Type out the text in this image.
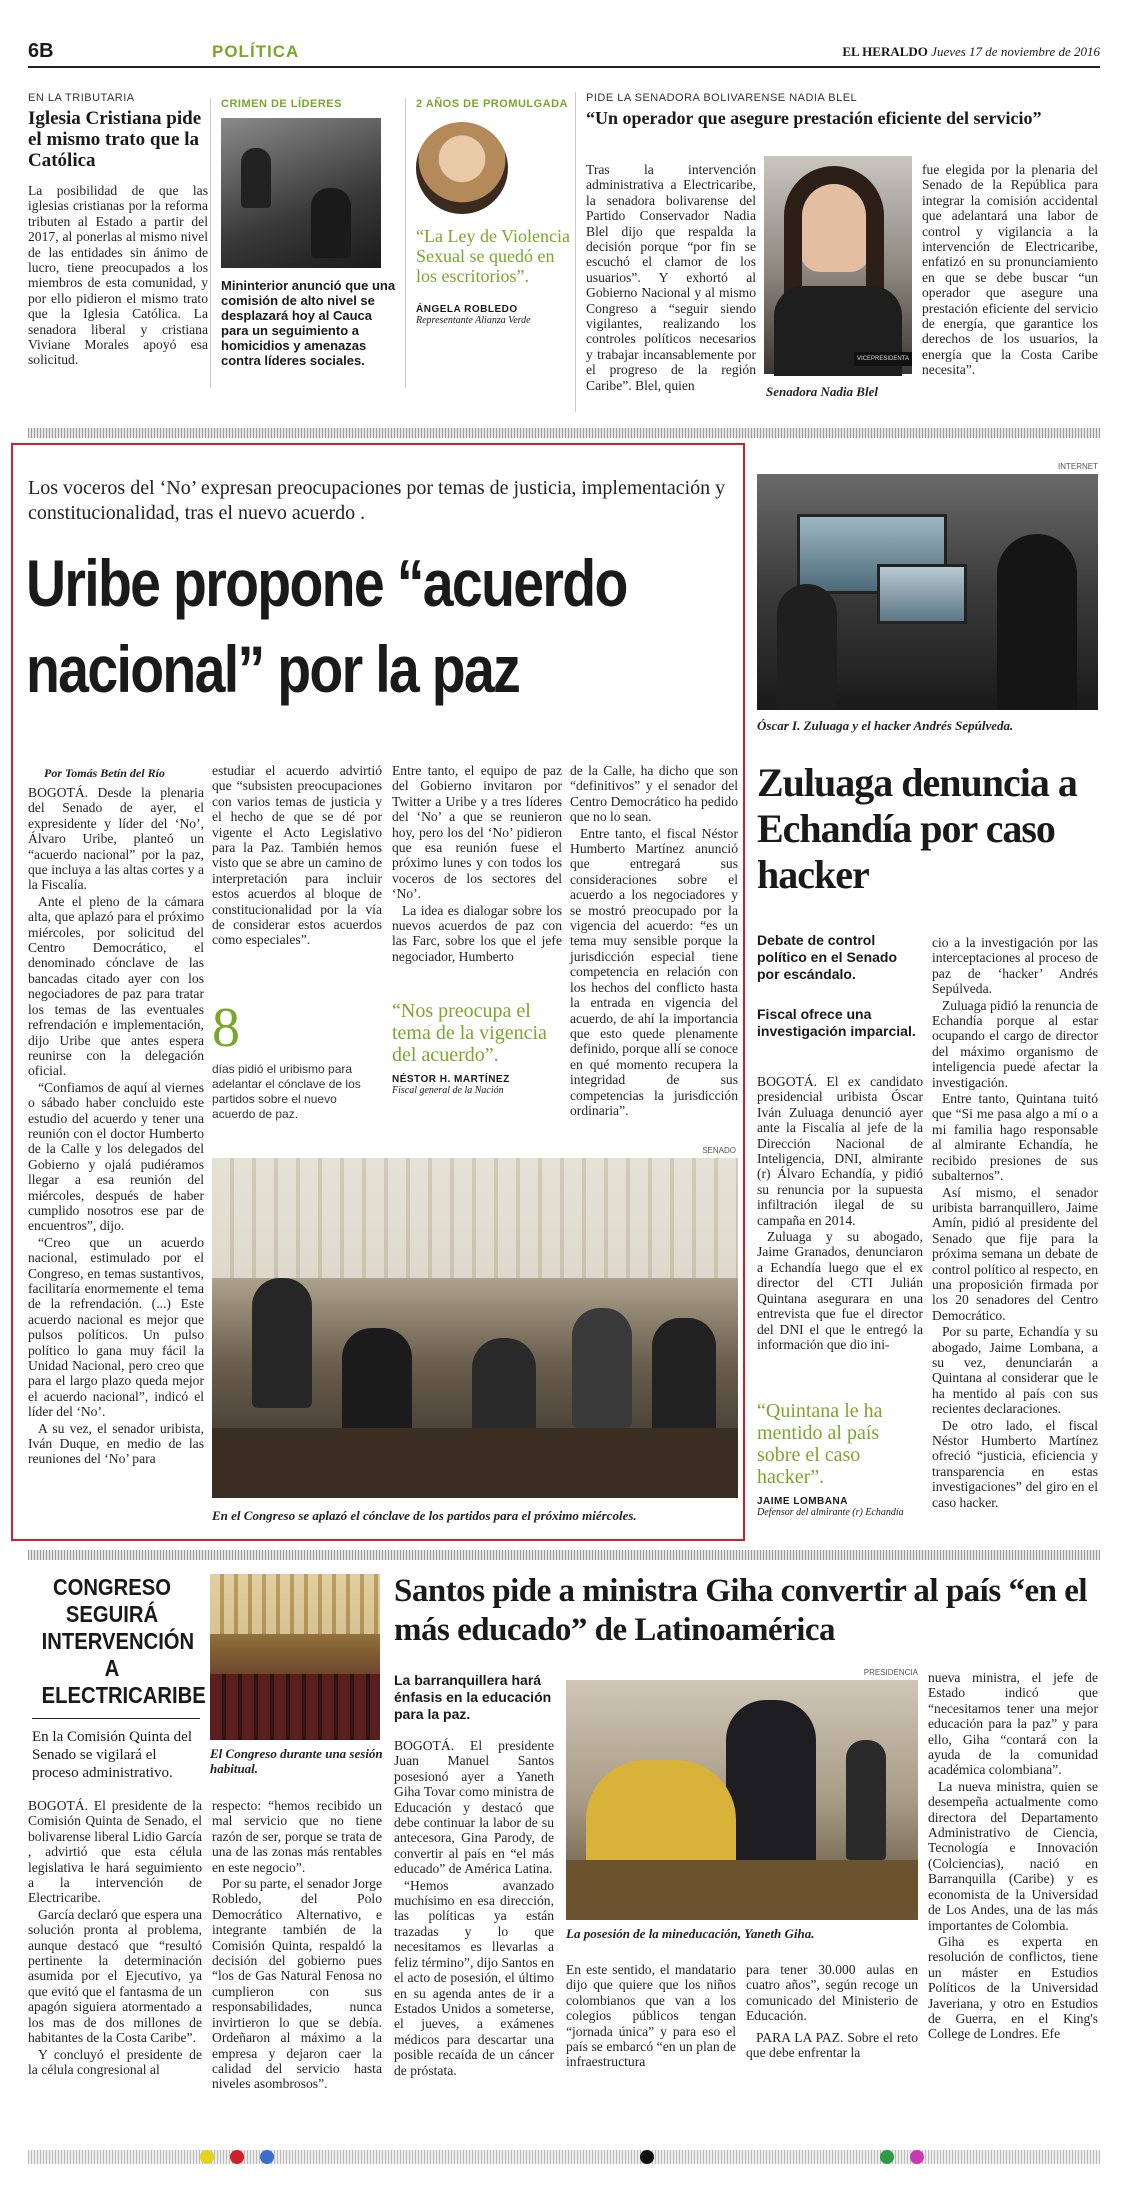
6B	POLÍTICA	EL HERALDO Jueves 17 de noviembre de 2016
EN LA TRIBUTARIA
Iglesia Cristiana pide el mismo trato que la Católica

La posibilidad de que las iglesias cristianas por la reforma tributen al Estado a partir del 2017, al ponerlas al mismo nivel de las entidades sin ánimo de lucro, tiene preocupados a los miembros de esta comunidad, y por ello pidieron el mismo trato que la Iglesia Católica. La senadora liberal y cristiana Viviane Morales apoyó esa solicitud.

CRIMEN DE LÍDERES
Mininterior anunció que una comisión de alto nivel se desplazará hoy al Cauca para un seguimiento a homicidios y amenazas contra líderes sociales.
2 AÑOS DE PROMULGADA
“La Ley de Violencia Sexual se quedó en los escritorios”.
ÁNGELA ROBLEDO
Representante Alianza Verde
PIDE LA SENADORA BOLIVARENSE NADIA BLEL
“Un operador que asegure prestación eficiente del servicio”

Tras la intervención administrativa a Electricaribe, la senadora bolivarense del Partido Conservador Nadia Blel dijo que respalda la decisión porque “por fin se escuchó el clamor de los usuarios”. Y exhortó al Gobierno Nacional y al mismo Congreso a “seguir siendo vigilantes, realizando los controles políticos necesarios y trabajar incansablemente por el progreso de la región Caribe”. Blel, quien

VICEPRESIDENTA
Senadora Nadia Blel

fue elegida por la plenaria del Senado de la República para integrar la comisión accidental que adelantará una labor de control y vigilancia a la intervención de Electricaribe, enfatizó en su pronunciamiento en que se debe buscar “un operador que asegure una prestación eficiente del servicio de energía, que garantice los derechos de los usuarios, la energía que la Costa Caribe necesita”.

Los voceros del ‘No’ expresan preocupaciones por temas de justicia, implementación y constitucionalidad, tras el nuevo acuerdo .
Uribe propone “acuerdo
nacional” por la paz
Por Tomás Betín del Río

BOGOTÁ. Desde la plenaria del Senado de ayer, el expresidente y líder del ‘No’, Álvaro Uribe, planteó un “acuerdo nacional” por la paz, que incluya a las altas cortes y a la Fiscalía.

Ante el pleno de la cámara alta, que aplazó para el próximo miércoles, por solicitud del Centro Democrático, el denominado cónclave de las bancadas citado ayer con los negociadores de paz para tratar los temas de las eventuales refrendación e implementación, dijo Uribe que antes espera reunirse con la delegación oficial.

“Confiamos de aquí al viernes o sábado haber concluido este estudio del acuerdo y tener una reunión con el doctor Humberto de la Calle y los delegados del Gobierno y ojalá pudiéramos llegar a esa reunión del miércoles, después de haber cumplido nosotros ese par de encuentros”, dijo.

“Creo que un acuerdo nacional, estimulado por el Congreso, en temas sustantivos, facilitaría enormemente el tema de la refrendación. (...) Este acuerdo nacional es mejor que pulsos políticos. Un pulso político lo gana muy fácil la Unidad Nacional, pero creo que para el largo plazo queda mejor el acuerdo nacional”, indicó el líder del ‘No’.

A su vez, el senador uribista, Iván Duque, en medio de las reuniones del ‘No’ para

estudiar el acuerdo advirtió que “subsisten preocupaciones con varios temas de justicia y el hecho de que se dé por vigente el Acto Legislativo para la Paz. También hemos visto que se abre un camino de interpretación para incluir estos acuerdos al bloque de constitucionalidad por la vía de considerar estos acuerdos como especiales”.

8
días pidió el uribismo para adelantar el cónclave de los partidos sobre el nuevo acuerdo de paz.

Entre tanto, el equipo de paz del Gobierno invitaron por Twitter a Uribe y a tres líderes del ‘No’ a que se reunieron hoy, pero los del ‘No’ pidieron que esa reunión fuese el próximo lunes y con todos los voceros de los sectores del ‘No’.

La idea es dialogar sobre los nuevos acuerdos de paz con las Farc, sobre los que el jefe negociador, Humberto

“Nos preocupa el tema de la vigencia del acuerdo”.
NÉSTOR H. MARTÍNEZ
Fiscal general de la Nación

de la Calle, ha dicho que son “definitivos” y el senador del Centro Democrático ha pedido que no lo sean.

Entre tanto, el fiscal Néstor Humberto Martínez anunció que entregará sus consideraciones sobre el acuerdo a los negociadores y se mostró preocupado por la vigencia del acuerdo: “es un tema muy sensible porque la jurisdicción especial tiene competencia en relación con los hechos del conflicto hasta la entrada en vigencia del acuerdo, de ahí la importancia que esto quede plenamente definido, porque allí se conoce en qué momento recupera la integridad de sus competencias la jurisdicción ordinaria”.

SENADO
En el Congreso se aplazó el cónclave de los partidos para el próximo miércoles.
INTERNET
Óscar I. Zuluaga y el hacker Andrés Sepúlveda.
Zuluaga denuncia a Echandía por caso hacker
Debate de control político en el Senado por escándalo.
Fiscal ofrece una investigación imparcial.

BOGOTÁ. El ex candidato presidencial uribista Óscar Iván Zuluaga denunció ayer ante la Fiscalía al jefe de la Dirección Nacional de Inteligencia, DNI, almirante (r) Álvaro Echandía, y pidió su renuncia por la supuesta infiltración ilegal de su campaña en 2014.

Zuluaga y su abogado, Jaime Granados, denunciaron a Echandía luego que el ex director del CTI Julián Quintana asegurara en una entrevista que fue el director del DNI el que le entregó la información que dio ini-

“Quintana le ha mentido al país sobre el caso hacker”.
JAIME LOMBANA
Defensor del almirante (r) Echandía

cio a la investigación por las interceptaciones al proceso de paz de ‘hacker’ Andrés Sepúlveda.

Zuluaga pidió la renuncia de Echandía porque al estar ocupando el cargo de director del máximo organismo de inteligencia puede afectar la investigación.

Entre tanto, Quintana tuitó que “Si me pasa algo a mí o a mi familia hago responsable al almirante Echandía, he recibido presiones de sus subalternos”.

Así mismo, el senador uribista barranquillero, Jaime Amín, pidió al presidente del Senado que fije para la próxima semana un debate de control político al respecto, en una proposición firmada por los 20 senadores del Centro Democrático.

Por su parte, Echandía y su abogado, Jaime Lombana, a su vez, denunciarán a Quintana al considerar que le ha mentido al país con sus recientes declaraciones.

De otro lado, el fiscal Néstor Humberto Martínez ofreció “justicia, eficiencia y transparencia en estas investigaciones” del giro en el caso hacker.

CONGRESO SEGUIRÁ INTERVENCIÓN A ELECTRICARIBE
En la Comisión Quinta del Senado se vigilará el proceso administrativo.
El Congreso durante una sesión habitual.

BOGOTÁ. El presidente de la Comisión Quinta de Senado, el bolivarense liberal Lidio García , advirtió que esta célula legislativa le hará seguimiento a la intervención de Electricaribe.

García declaró que espera una solución pronta al problema, aunque destacó que “resultó pertinente la determinación asumida por el Ejecutivo, ya que evitó que el fantasma de un apagón siguiera atormentado a los mas de dos millones de habitantes de la Costa Caribe”.

Y concluyó el presidente de la célula congresional al

respecto: “hemos recibido un mal servicio que no tiene razón de ser, porque se trata de una de las zonas más rentables en este negocio”.

Por su parte, el senador Jorge Robledo, del Polo Democrático Alternativo, e integrante también de la Comisión Quinta, respaldó la decisión del gobierno pues “los de Gas Natural Fenosa no cumplieron con sus responsabilidades, nunca invirtieron lo que se debía. Ordeñaron al máximo a la empresa y dejaron caer la calidad del servicio hasta niveles asombrosos”.

Santos pide a ministra Giha convertir al país “en el más educado” de Latinoamérica
La barranquillera hará énfasis en la educación para la paz.

BOGOTÁ. El presidente Juan Manuel Santos posesionó ayer a Yaneth Giha Tovar como ministra de Educación y destacó que debe continuar la labor de su antecesora, Gina Parody, de convertir al país en “el más educado” de América Latina.

“Hemos avanzado muchísimo en esa dirección, las políticas ya están trazadas y lo que necesitamos es llevarlas a feliz término”, dijo Santos en el acto de posesión, el último en su agenda antes de ir a Estados Unidos a someterse, el jueves, a exámenes médicos para descartar una posible recaída de un cáncer de próstata.

PRESIDENCIA
La posesión de la mineducación, Yaneth Giha.

En este sentido, el mandatario dijo que quiere que los niños colombianos que van a los colegios públicos tengan “jornada única” y para eso el país se embarcó “en un plan de infraestructura

para tener 30.000 aulas en cuatro años”, según recoge un comunicado del Ministerio de Educación.

PARA LA PAZ. Sobre el reto que debe enfrentar la

nueva ministra, el jefe de Estado indicó que “necesitamos tener una mejor educación para la paz” y para ello, Giha “contará con la ayuda de la comunidad académica colombiana”.

La nueva ministra, quien se desempeña actualmente como directora del Departamento Administrativo de Ciencia, Tecnología e Innovación (Colciencias), nació en Barranquilla (Caribe) y es economista de la Universidad de Los Andes, una de las más importantes de Colombia.

Giha es experta en resolución de conflictos, tiene un máster en Estudios Políticos de la Universidad Javeriana, y otro en Estudios de Guerra, en el King's College de Londres. Efe
